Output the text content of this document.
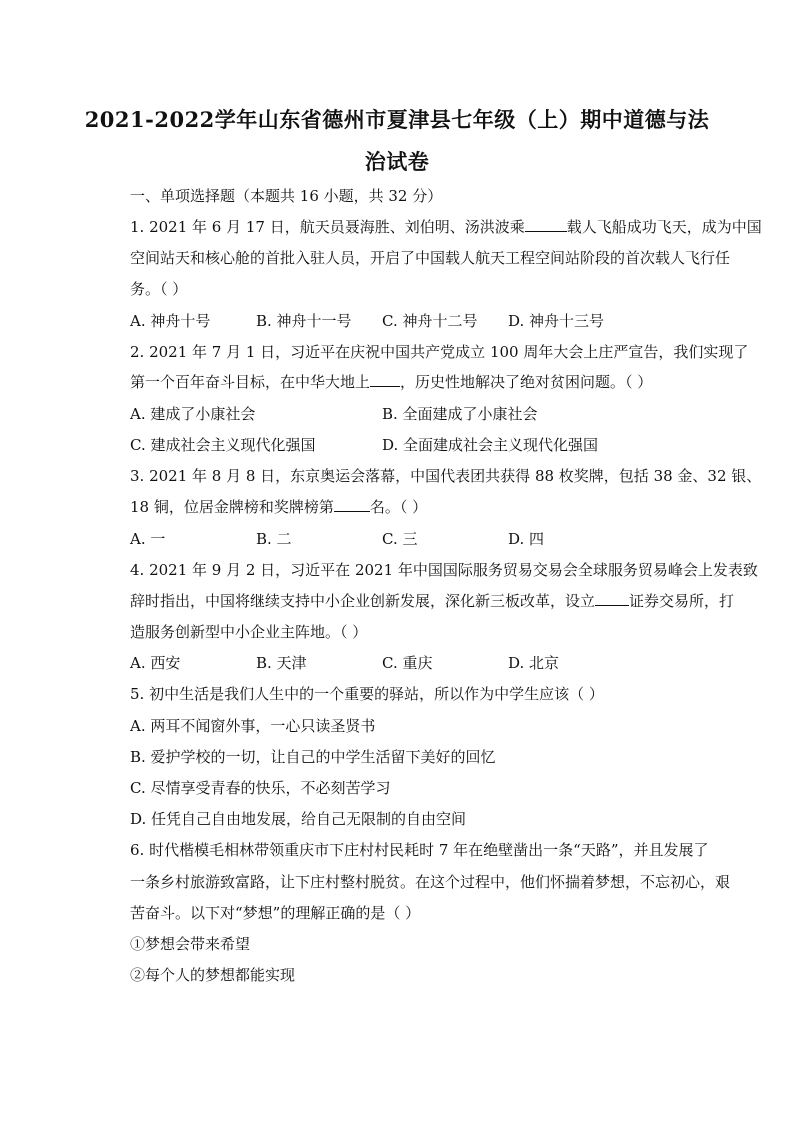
2021-2022学年山东省德州市夏津县七年级（上）期中道德与法
治试卷
一、单项选择题（本题共 16 小题，共 32 分）
1. 2021 年 6 月 17 日，航天员聂海胜、刘伯明、汤洪波乘	载人飞船成功飞天，成为中国
空间站天和核心舱的首批入驻人员，开启了中国载人航天工程空间站阶段的首次载人飞行任
务。（ ）
A. 神舟十号	B. 神舟十一号 C. 神舟十二号 D. 神舟十三号
2. 2021 年 7 月 1 日，习近平在庆祝中国共产党成立 100 周年大会上庄严宣告，我们实现了
第一个百年奋斗目标，在中华大地上 ，历史性地解决了绝对贫困问题。（ ）
A. 建成了小康社会	B. 全面建成了小康社会
C. 建成社会主义现代化强国	D. 全面建成社会主义现代化强国
3. 2021 年 8 月 8 日，东京奥运会落幕，中国代表团共获得 88 枚奖牌，包括 38 金、32 银、
18 铜，位居金牌榜和奖牌榜第 名。（ ）
A. 一	B. 二	C. 三	D. 四
4. 2021 年 9 月 2 日，习近平在 2021 年中国国际服务贸易交易会全球服务贸易峰会上发表致
辞时指出，中国将继续支持中小企业创新发展，深化新三板改革，设立 证券交易所，打
造服务创新型中小企业主阵地。（ ）
A. 西安	B. 天津	C. 重庆	D. 北京
5. 初中生活是我们人生中的一个重要的驿站，所以作为中学生应该（ ）
A. 两耳不闻窗外事，一心只读圣贤书
B. 爱护学校的一切，让自己的中学生活留下美好的回忆
C. 尽情享受青春的快乐，不必刻苦学习
D. 任凭自己自由地发展，给自己无限制的自由空间
6. 时代楷模毛相林带领重庆市下庄村村民耗时 7 年在绝壁凿出一条“天路”，并且发展了
一条乡村旅游致富路，让下庄村整村脱贫。在这个过程中，他们怀揣着梦想，不忘初心，艰
苦奋斗。以下对“梦想”的理解正确的是（ ）
①梦想会带来希望
②每个人的梦想都能实现
